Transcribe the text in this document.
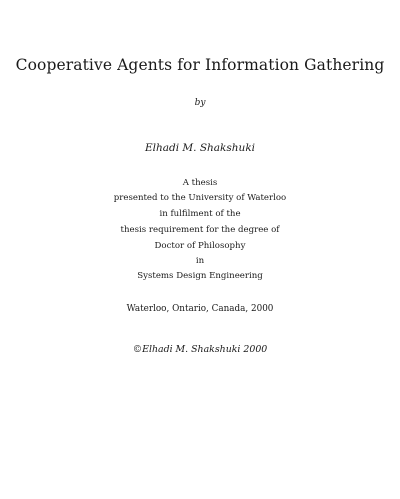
Cooperative Agents for Information Gathering
by
Elhadi M. Shakshuki
A thesis
presented to the University of Waterloo
in fulfilment of the
thesis requirement for the degree of
Doctor of Philosophy
in
Systems Design Engineering
Waterloo, Ontario, Canada, 2000
©Elhadi M. Shakshuki 2000
